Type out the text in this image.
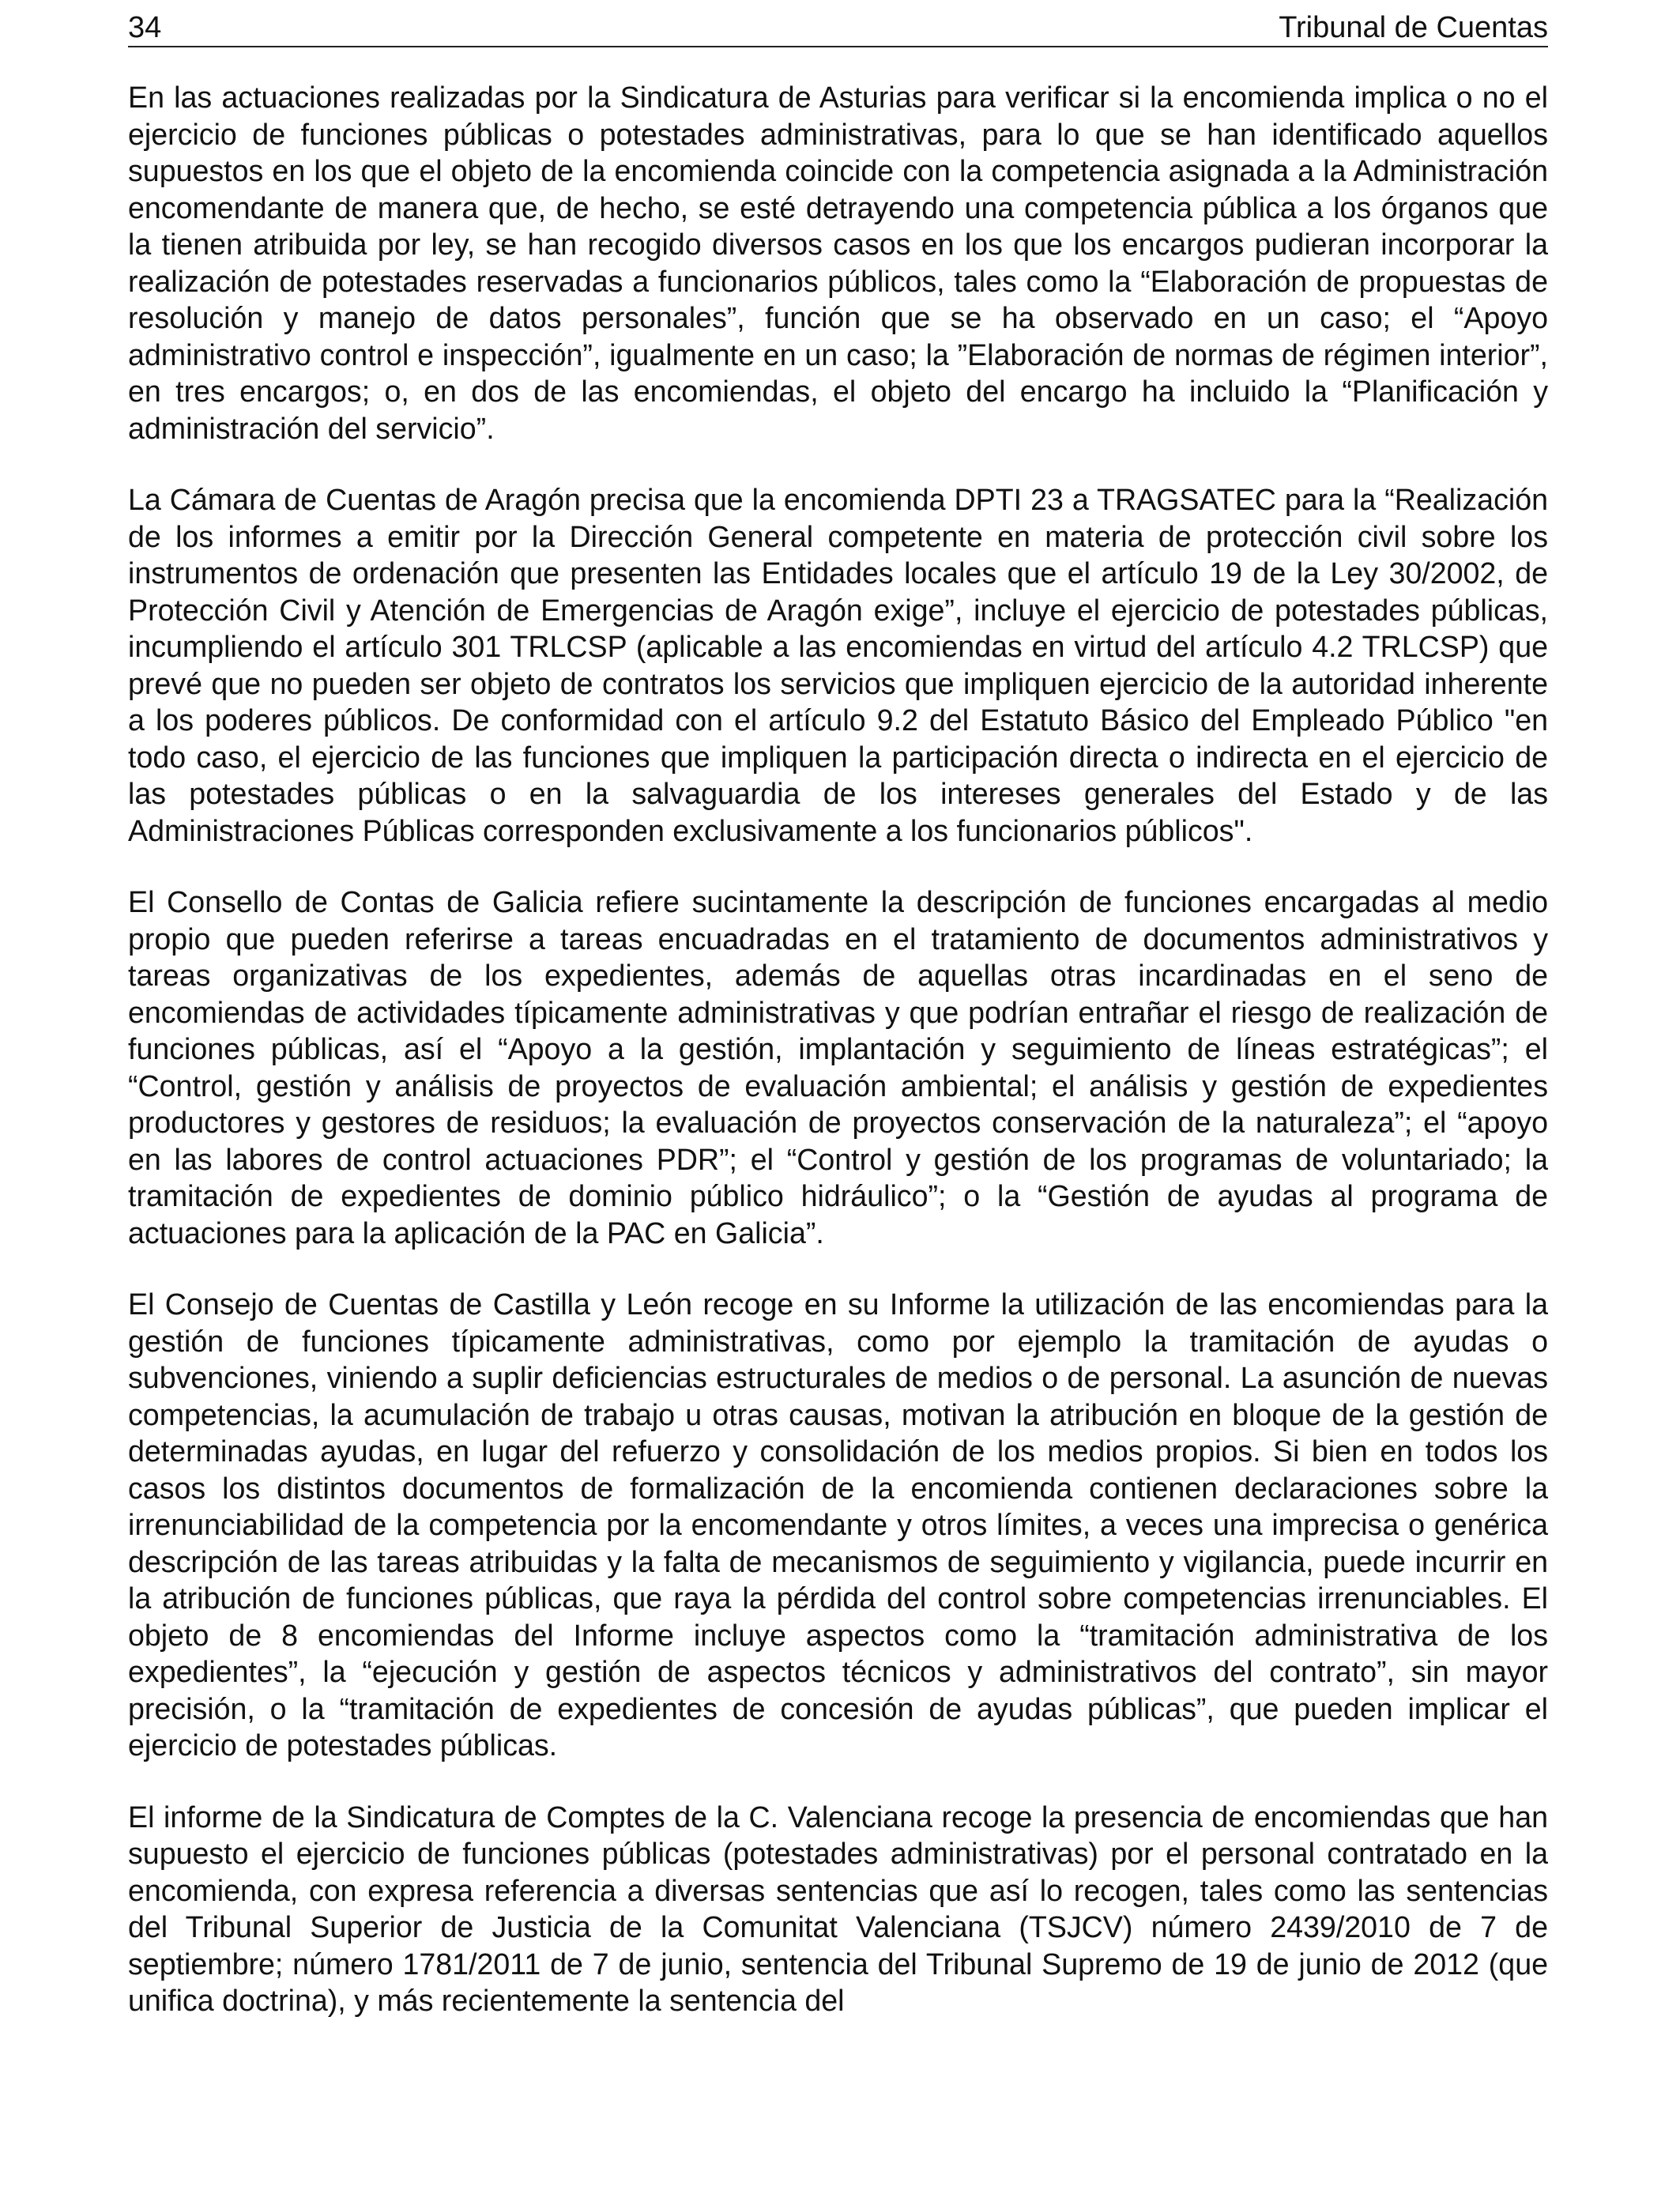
34	Tribunal de Cuentas

En las actuaciones realizadas por la Sindicatura de Asturias para verificar si la encomienda implica o no el ejercicio de funciones públicas o potestades administrativas, para lo que se han identificado aquellos supuestos en los que el objeto de la encomienda coincide con la competencia asignada a la Administración encomendante de manera que, de hecho, se esté detrayendo una competencia pública a los órganos que la tienen atribuida por ley, se han recogido diversos casos en los que los encargos pudieran incorporar la realización de potestades reservadas a funcionarios públicos, tales como la “Elaboración de propuestas de resolución y manejo de datos personales”, función que se ha observado en un caso; el “Apoyo administrativo control e inspección”, igualmente en un caso; la ”Elaboración de normas de régimen interior”, en tres encargos; o, en dos de las encomiendas, el objeto del encargo ha incluido la “Planificación y administración del servicio”.

La Cámara de Cuentas de Aragón precisa que la encomienda DPTI 23 a TRAGSATEC para la “Realización de los informes a emitir por la Dirección General competente en materia de protección civil sobre los instrumentos de ordenación que presenten las Entidades locales que el artículo 19 de la Ley 30/2002, de Protección Civil y Atención de Emergencias de Aragón exige”, incluye el ejercicio de potestades públicas, incumpliendo el artículo 301 TRLCSP (aplicable a las encomiendas en virtud del artículo 4.2 TRLCSP) que prevé que no pueden ser objeto de contratos los servicios que impliquen ejercicio de la autoridad inherente a los poderes públicos. De conformidad con el artículo 9.2 del Estatuto Básico del Empleado Público "en todo caso, el ejercicio de las funciones que impliquen la participación directa o indirecta en el ejercicio de las potestades públicas o en la salvaguardia de los intereses generales del Estado y de las Administraciones Públicas corresponden exclusivamente a los funcionarios públicos".

El Consello de Contas de Galicia refiere sucintamente la descripción de funciones encargadas al medio propio que pueden referirse a tareas encuadradas en el tratamiento de documentos administrativos y tareas organizativas de los expedientes, además de aquellas otras incardinadas en el seno de encomiendas de actividades típicamente administrativas y que podrían entrañar el riesgo de realización de funciones públicas, así el “Apoyo a la gestión, implantación y seguimiento de líneas estratégicas”; el “Control, gestión y análisis de proyectos de evaluación ambiental; el análisis y gestión de expedientes productores y gestores de residuos; la evaluación de proyectos conservación de la naturaleza”; el “apoyo en las labores de control actuaciones PDR”; el “Control y gestión de los programas de voluntariado; la tramitación de expedientes de dominio público hidráulico”; o la “Gestión de ayudas al programa de actuaciones para la aplicación de la PAC en Galicia”.

El Consejo de Cuentas de Castilla y León recoge en su Informe la utilización de las encomiendas para la gestión de funciones típicamente administrativas, como por ejemplo la tramitación de ayudas o subvenciones, viniendo a suplir deficiencias estructurales de medios o de personal. La asunción de nuevas competencias, la acumulación de trabajo u otras causas, motivan la atribución en bloque de la gestión de determinadas ayudas, en lugar del refuerzo y consolidación de los medios propios. Si bien en todos los casos los distintos documentos de formalización de la encomienda contienen declaraciones sobre la irrenunciabilidad de la competencia por la encomendante y otros límites, a veces una imprecisa o genérica descripción de las tareas atribuidas y la falta de mecanismos de seguimiento y vigilancia, puede incurrir en la atribución de funciones públicas, que raya la pérdida del control sobre competencias irrenunciables. El objeto de 8 encomiendas del Informe incluye aspectos como la “tramitación administrativa de los expedientes”, la “ejecución y gestión de aspectos técnicos y administrativos del contrato”, sin mayor precisión, o la “tramitación de expedientes de concesión de ayudas públicas”, que pueden implicar el ejercicio de potestades públicas.

El informe de la Sindicatura de Comptes de la C. Valenciana recoge la presencia de encomiendas que han supuesto el ejercicio de funciones públicas (potestades administrativas) por el personal contratado en la encomienda, con expresa referencia a diversas sentencias que así lo recogen, tales como las sentencias del Tribunal Superior de Justicia de la Comunitat Valenciana (TSJCV) número 2439/2010 de 7 de septiembre; número 1781/2011 de 7 de junio, sentencia del Tribunal Supremo de 19 de junio de 2012 (que unifica doctrina), y más recientemente la sentencia del
